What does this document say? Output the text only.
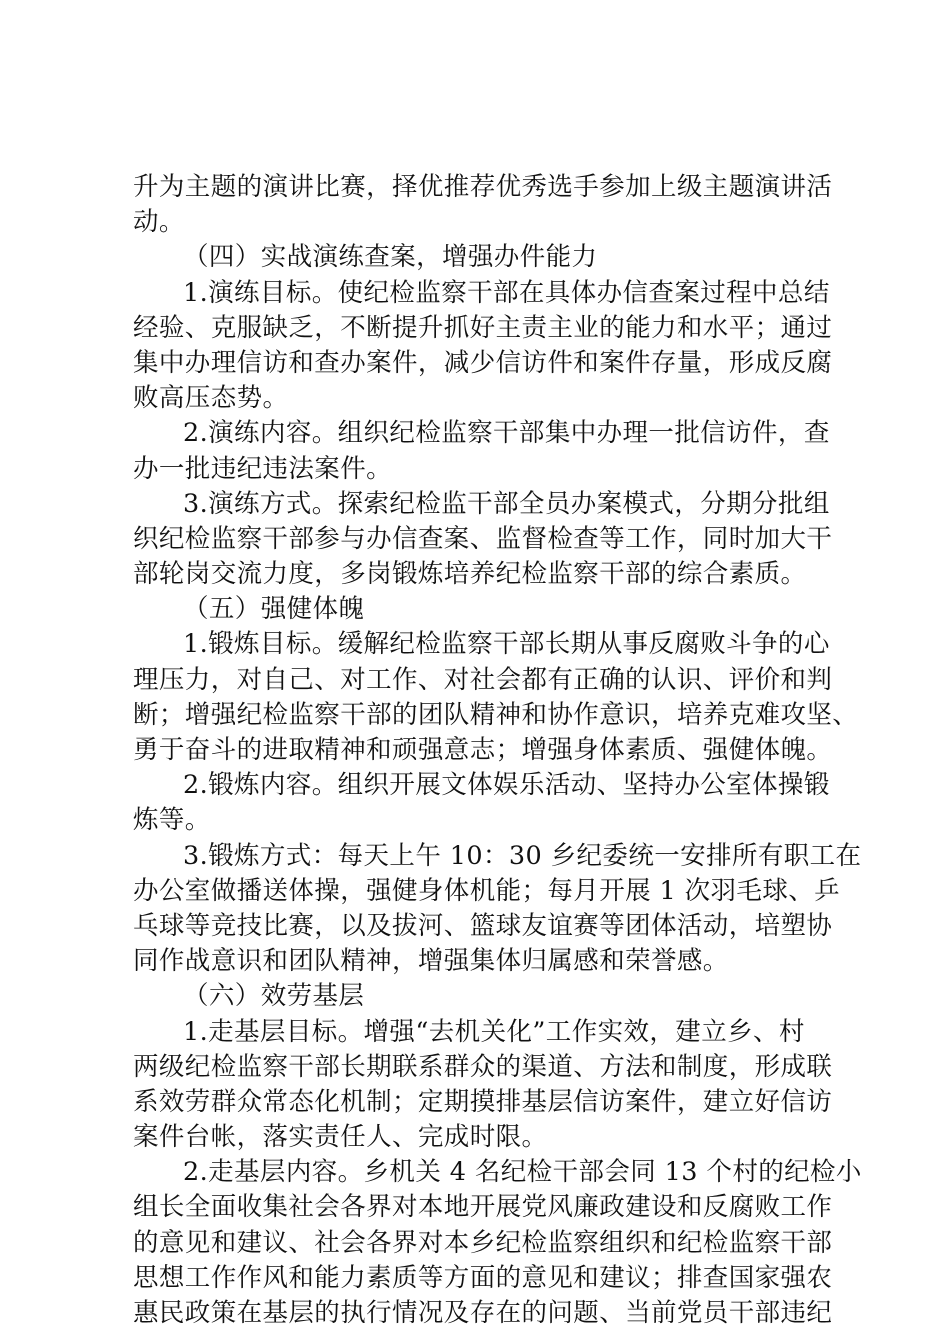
升为主题的演讲比赛，择优推荐优秀选手参加上级主题演讲活
动。
（四）实战演练查案，增强办件能力
1.演练目标。使纪检监察干部在具体办信查案过程中总结
经验、克服缺乏，不断提升抓好主责主业的能力和水平；通过
集中办理信访和查办案件，减少信访件和案件存量，形成反腐
败高压态势。
2.演练内容。组织纪检监察干部集中办理一批信访件，查
办一批违纪违法案件。
3.演练方式。探索纪检监干部全员办案模式，分期分批组
织纪检监察干部参与办信查案、监督检查等工作，同时加大干
部轮岗交流力度，多岗锻炼培养纪检监察干部的综合素质。
（五）强健体魄
1.锻炼目标。缓解纪检监察干部长期从事反腐败斗争的心
理压力，对自己、对工作、对社会都有正确的认识、评价和判
断；增强纪检监察干部的团队精神和协作意识，培养克难攻坚、
勇于奋斗的进取精神和顽强意志；增强身体素质、强健体魄。
2.锻炼内容。组织开展文体娱乐活动、坚持办公室体操锻
炼等。
3.锻炼方式：每天上午 10：30 乡纪委统一安排所有职工在
办公室做播送体操，强健身体机能；每月开展 1 次羽毛球、乒
乓球等竞技比赛，以及拔河、篮球友谊赛等团体活动，培塑协
同作战意识和团队精神，增强集体归属感和荣誉感。
（六）效劳基层
1.走基层目标。增强“去机关化”工作实效，建立乡、村
两级纪检监察干部长期联系群众的渠道、方法和制度，形成联
系效劳群众常态化机制；定期摸排基层信访案件，建立好信访
案件台帐，落实责任人、完成时限。
2.走基层内容。乡机关 4 名纪检干部会同 13 个村的纪检小
组长全面收集社会各界对本地开展党风廉政建设和反腐败工作
的意见和建议、社会各界对本乡纪检监察组织和纪检监察干部
思想工作作风和能力素质等方面的意见和建议；排查国家强农
惠民政策在基层的执行情况及存在的问题、当前党员干部违纪
